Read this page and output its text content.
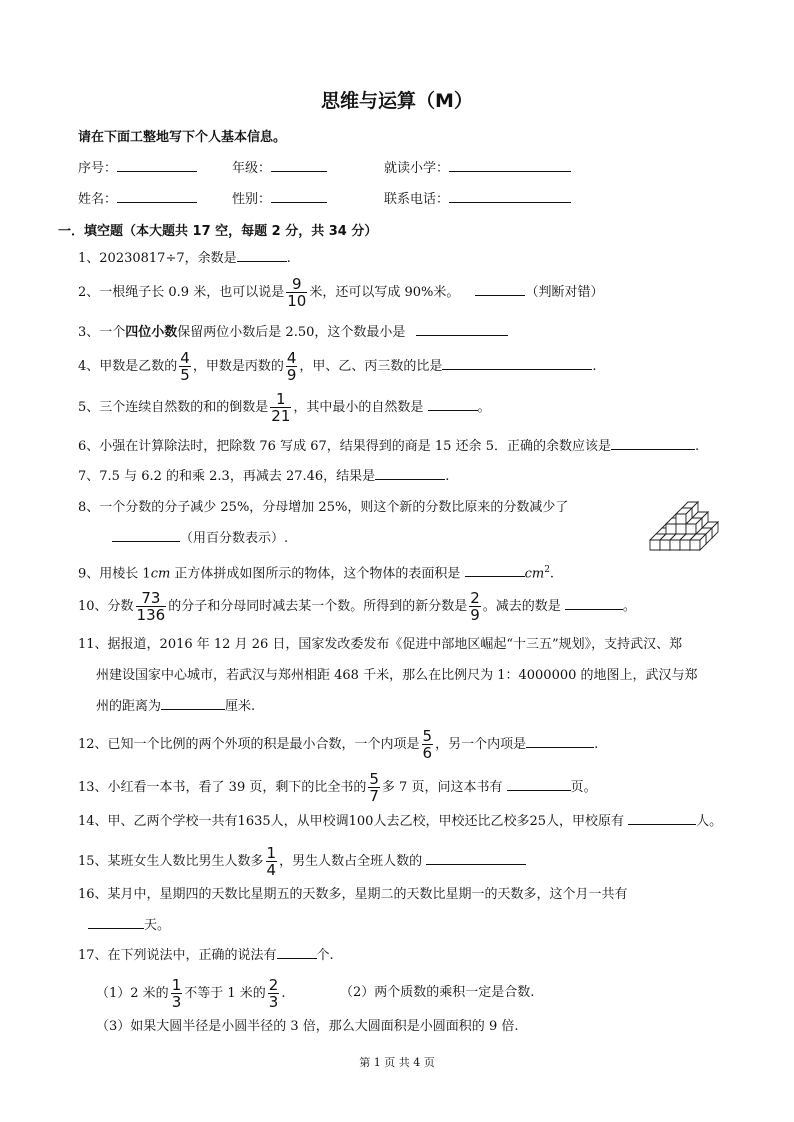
思维与运算（M）
请在下面工整地写下个人基本信息。
序号：	年级：	就读小学：
姓名：	性别：	联系电话：
一．填空题（本大题共 17 空，每题 2 分，共 34 分）
1、20230817÷7，余数是	.
2、一根绳子长 0.9 米，也可以说是 $\frac{9}{10}$ 米，还可以写成 90%米。	（判断对错）
3、一个四位小数保留两位小数后是 2.50，这个数最小是
4、甲数是乙数的 $\frac{4}{5}$ ，甲数是丙数的 $\frac{4}{9}$ ，甲、乙、丙三数的比是	.
5、三个连续自然数的和的倒数是 $\frac{1}{21}$ ，其中最小的自然数是	。
6、小强在计算除法时，把除数 76 写成 67，结果得到的商是 15 还余 5．正确的余数应该是	.
7、7.5 与 6.2 的和乘 2.3，再减去 27.46，结果是	.
8、一个分数的分子减少 25%，分母增加 25%，则这个新的分数比原来的分数减少了
（用百分数表示）.
9、用棱长 1cm 正方体拼成如图所示的物体，这个物体的表面积是	$cm^2$.
10、分数 $\frac{73}{136}$ 的分子和分母同时减去某一个数。所得到的新分数是 $\frac{2}{9}$ 。减去的数是	。
11、据报道，2016 年 12 月 26 日，国家发改委发布《促进中部地区崛起“十三五”规划》，支持武汉、郑
州建设国家中心城市，若武汉与郑州相距 468 千米，那么在比例尺为 1：4000000 的地图上，武汉与郑
州的距离为	厘米.
12、已知一个比例的两个外项的积是最小合数，一个内项是 $\frac{5}{6}$ ，另一个内项是	.
13、小红看一本书，看了 39 页，剩下的比全书的 $\frac{5}{7}$ 多 7 页，问这本书有	页。
14、甲、乙两个学校一共有1635人，从甲校调100人去乙校，甲校还比乙校多25人，甲校原有	人。
15、某班女生人数比男生人数多 $\frac{1}{4}$ ，男生人数占全班人数的
16、某月中，星期四的天数比星期五的天数多，星期二的天数比星期一的天数多，这个月一共有
天。
17、在下列说法中，正确的说法有	个.
（1）2 米的 $\frac{1}{3}$ 不等于 1 米的 $\frac{2}{3}$ .	（2）两个质数的乘积一定是合数.
（3）如果大圆半径是小圆半径的 3 倍，那么大圆面积是小圆面积的 9 倍.
第 1 页 共 4 页
